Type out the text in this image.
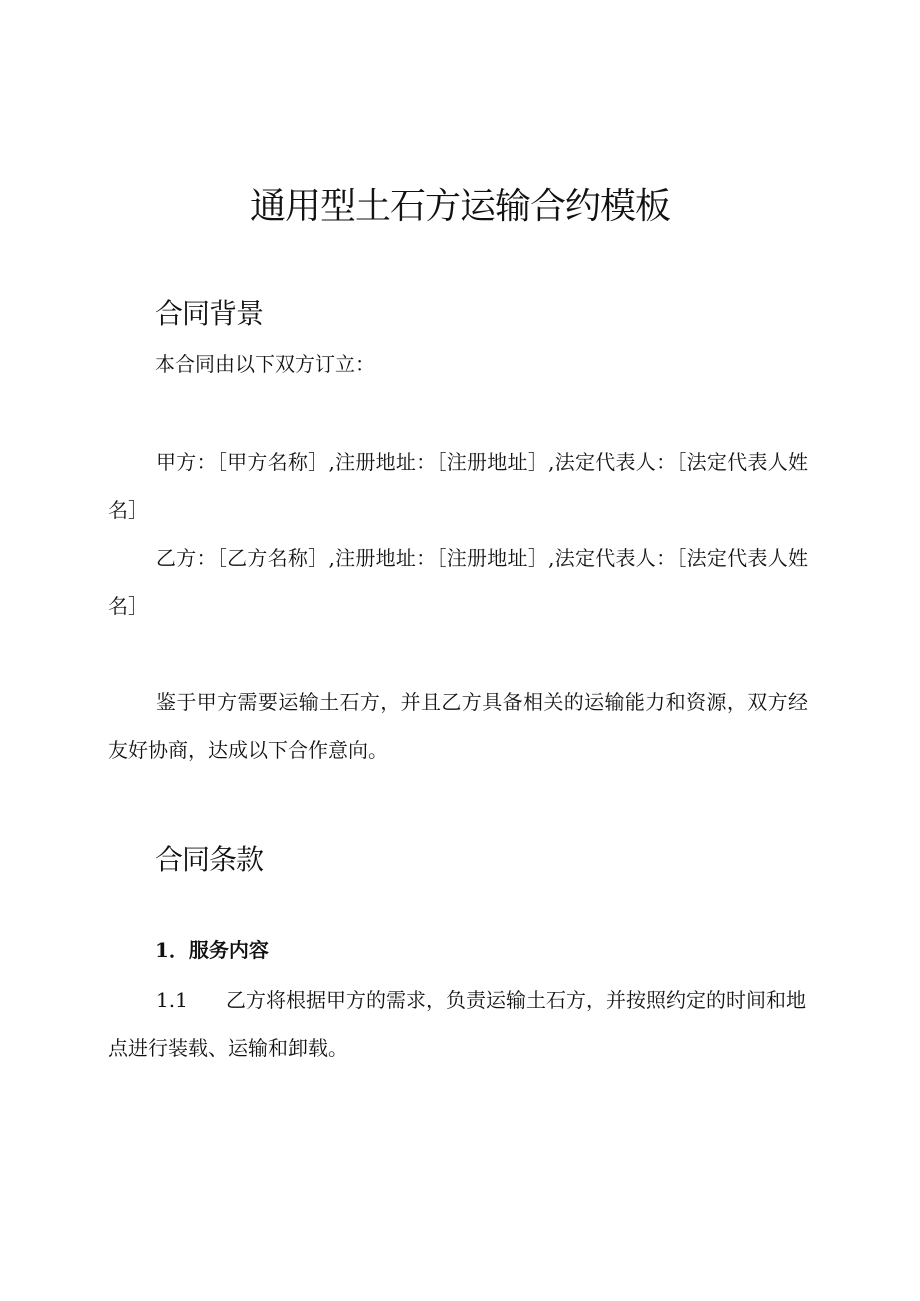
通用型土石方运输合约模板
合同背景

本合同由以下双方订立：

甲方：［甲方名称］,注册地址：［注册地址］,法定代表人：［法定代表人姓名］

乙方：［乙方名称］,注册地址：［注册地址］,法定代表人：［法定代表人姓名］

鉴于甲方需要运输土石方，并且乙方具备相关的运输能力和资源，双方经友好协商，达成以下合作意向。

合同条款

1．服务内容

1.1 乙方将根据甲方的需求，负责运输土石方，并按照约定的时间和地点进行装载、运输和卸载。
